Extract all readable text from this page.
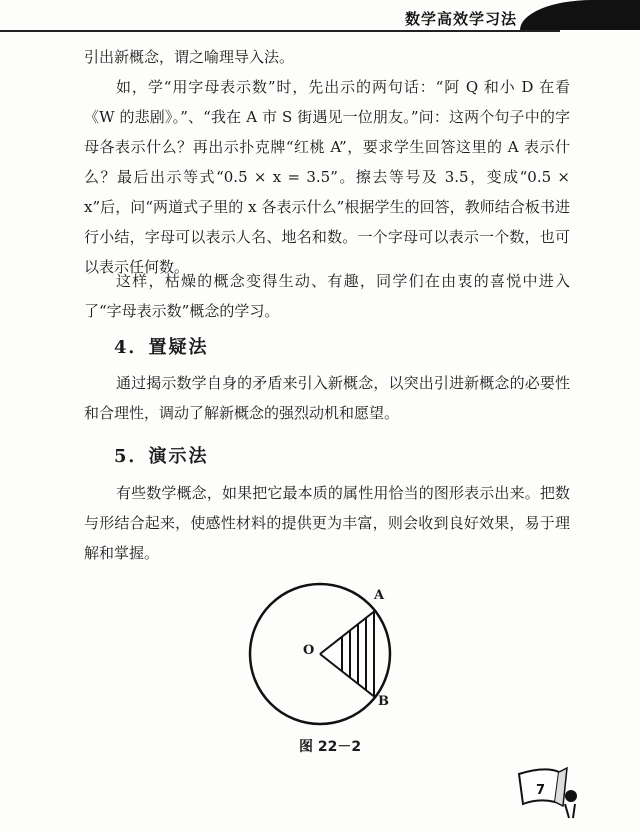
数学高效学习法

引出新概念，谓之喻理导入法。

如，学“用字母表示数”时，先出示的两句话：“阿 Q 和小 D 在看《W 的悲剧》。”、“我在 A 市 S 街遇见一位朋友。”问：这两个句子中的字母各表示什么？再出示扑克牌“红桃 A”，要求学生回答这里的 A 表示什么？最后出示等式“0.5 × x = 3.5”。擦去等号及 3.5，变成“0.5 × x”后，问“两道式子里的 x 各表示什么”根据学生的回答，教师结合板书进行小结，字母可以表示人名、地名和数。一个字母可以表示一个数，也可以表示任何数。

这样，枯燥的概念变得生动、有趣，同学们在由衷的喜悦中进入了“字母表示数”概念的学习。

4．置疑法

通过揭示数学自身的矛盾来引入新概念，以突出引进新概念的必要性和合理性，调动了解新概念的强烈动机和愿望。

5．演示法

有些数学概念，如果把它最本质的属性用恰当的图形表示出来。把数与形结合起来，使感性材料的提供更为丰富，则会收到良好效果，易于理解和掌握。

A
B
O
图 22－2
7
